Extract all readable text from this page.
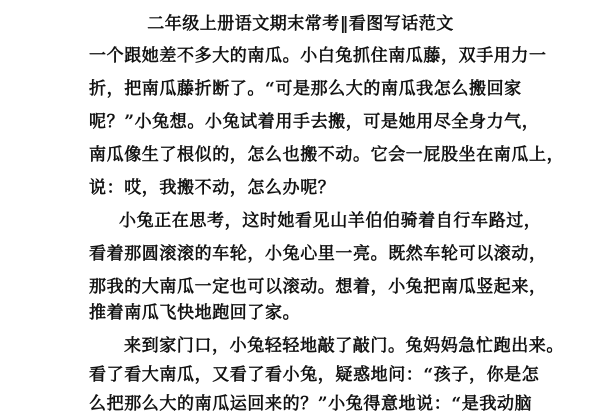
二年级上册语文期末常考‖看图写话范文
一个跟她差不多大的南瓜。小白兔抓住南瓜藤，双手用力一
折，把南瓜藤折断了。“可是那么大的南瓜我怎么搬回家
呢？”小兔想。小兔试着用手去搬，可是她用尽全身力气，
南瓜像生了根似的，怎么也搬不动。它会一屁股坐在南瓜上，
说：哎，我搬不动，怎么办呢？
小兔正在思考，这时她看见山羊伯伯骑着自行车路过，
看着那圆滚滚的车轮，小兔心里一亮。既然车轮可以滚动，
那我的大南瓜一定也可以滚动。想着，小兔把南瓜竖起来，
推着南瓜飞快地跑回了家。
来到家门口，小兔轻轻地敲了敲门。兔妈妈急忙跑出来。
看了看大南瓜，又看了看小兔，疑惑地问：“孩子，你是怎
么把那么大的南瓜运回来的？”小兔得意地说：“是我动脑
